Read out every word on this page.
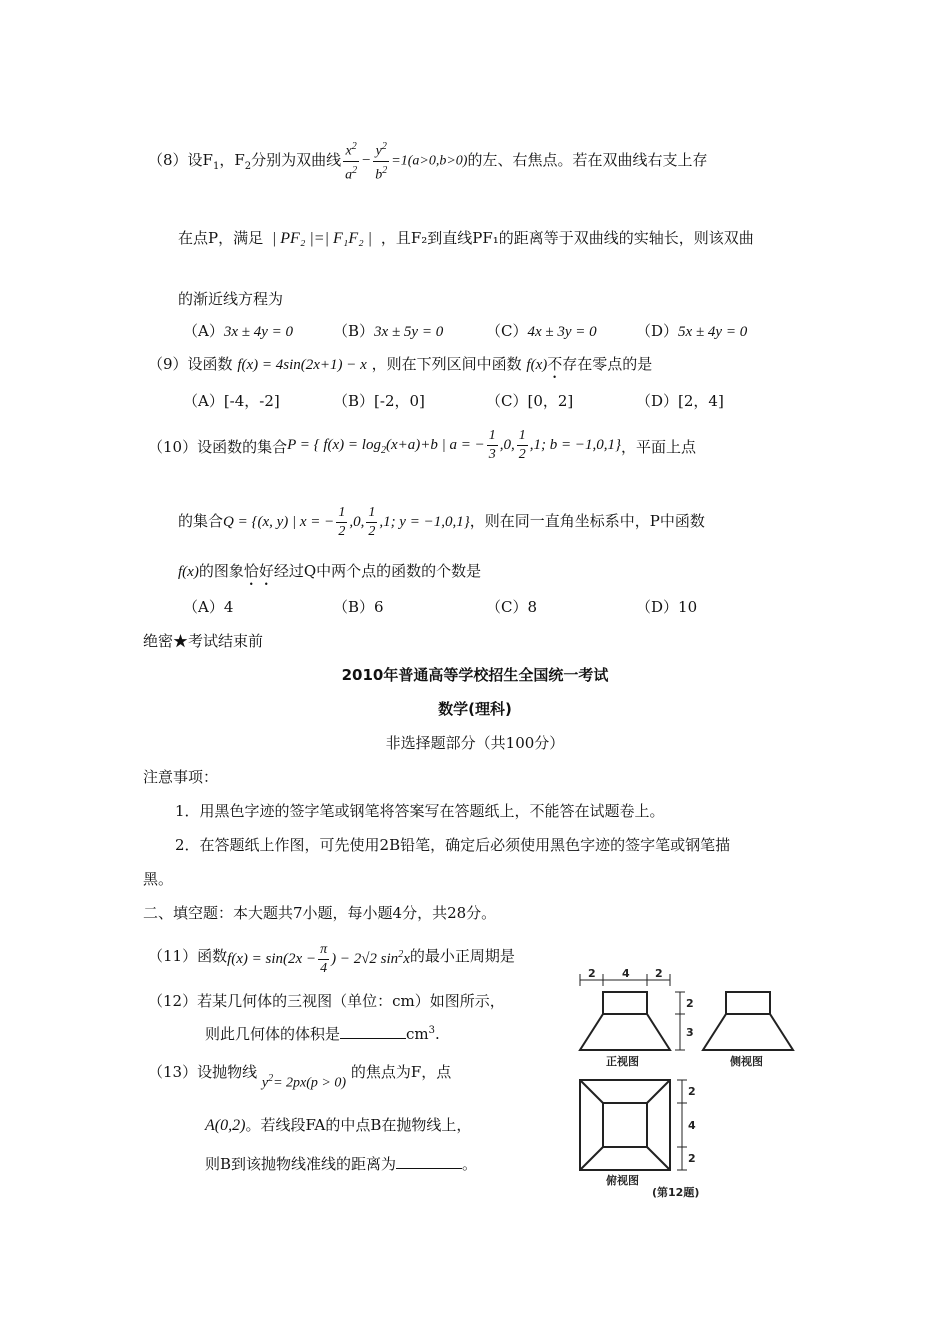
（8）设$F_1$，$F_2$分别为双曲线 $\frac{x^2}{a^2} - \frac{y^2}{b^2} =1(a>0,b>0)$的左、右焦点。若在双曲线右支上存
在点P，满足 | PF₂ |=| F₁F₂ | ，且F₂到直线PF₁的距离等于双曲线的实轴长，则该双曲
的渐近线方程为
（A）3x ± 4y = 0	（B）3x ± 5y = 0	（C）4x ± 3y = 0	（D）5x ± 4y = 0
（9）设函数 f(x) = 4sin(2x+1) − x ，则在下列区间中函数 f(x)不存在零点的是
（A）[-4，-2]	（B）[-2，0]	（C）[0，2]	（D）[2，4]
（10）设函数的集合P = { $f(x) = \log_2(x+a)+b$ | a = − $\frac{1}{3} ,0$, $\frac{1}{2} ,1$; b = −1,0,1}，平面上点
的集合Q = {(x, y) | x = − $\frac{1}{2} ,0$, $\frac{1}{2} ,1$; y = −1,0,1}，则在同一直角坐标系中，P中函数
f(x)的图象恰好经过Q中两个点的函数的个数是
（A）4	（B）6	（C）8	（D）10
绝密★考试结束前
2010年普通高等学校招生全国统一考试
数学(理科)
非选择题部分（共100分）
注意事项：
1．用黑色字迹的签字笔或钢笔将答案写在答题纸上，不能答在试题卷上。
2．在答题纸上作图，可先使用2B铅笔，确定后必须使用黑色字迹的签字笔或钢笔描
黑。
二、填空题：本大题共7小题，每小题4分，共28分。
（11）函数$f(x) = \sin(2x - \frac{\pi}{4}$ ) − 2√2 $\sin^2x$的最小正周期是
（12）若某几何体的三视图（单位：cm）如图所示，
则此几何体的体积是	$cm^3$.
（13）设抛物线 $y^2= 2px(p > 0)$ 的焦点为F，点
A(0,2)。若线段FA的中点B在抛物线上，
则B到该抛物线准线的距离为	。
2 4 2
2
3
正视图	侧视图
2
4
2
俯视图
(第12题)
